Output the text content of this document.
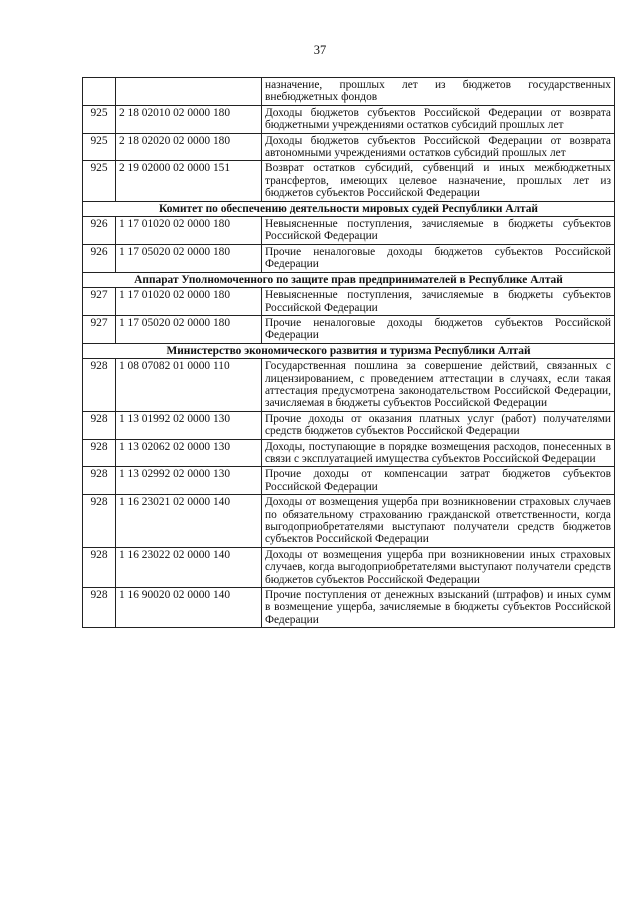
37
		назначение, прошлых лет из бюджетов государственных внебюджетных фондов
925	2 18 02010 02 0000 180	Доходы бюджетов субъектов Российской Федерации от возврата бюджетными учреждениями остатков субсидий прошлых лет
925	2 18 02020 02 0000 180	Доходы бюджетов субъектов Российской Федерации от возврата автономными учреждениями остатков субсидий прошлых лет
925	2 19 02000 02 0000 151	Возврат остатков субсидий, субвенций и иных межбюджетных трансфертов, имеющих целевое назначение, прошлых лет из бюджетов субъектов Российской Федерации
Комитет по обеспечению деятельности мировых судей Республики Алтай		
926	1 17 01020 02 0000 180	Невыясненные поступления, зачисляемые в бюджеты субъектов Российской Федерации
926	1 17 05020 02 0000 180	Прочие неналоговые доходы бюджетов субъектов Российской Федерации
Аппарат Уполномоченного по защите прав предпринимателей в Республике Алтай		
927	1 17 01020 02 0000 180	Невыясненные поступления, зачисляемые в бюджеты субъектов Российской Федерации
927	1 17 05020 02 0000 180	Прочие неналоговые доходы бюджетов субъектов Российской Федерации
Министерство экономического развития и туризма Республики Алтай		
928	1 08 07082 01 0000 110	Государственная пошлина за совершение действий, связанных с лицензированием, с проведением аттестации в случаях, если такая аттестация предусмотрена законодательством Российской Федерации, зачисляемая в бюджеты субъектов Российской Федерации
928	1 13 01992 02 0000 130	Прочие доходы от оказания платных услуг (работ) получателями средств бюджетов субъектов Российской Федерации
928	1 13 02062 02 0000 130	Доходы, поступающие в порядке возмещения расходов, понесенных в связи с эксплуатацией имущества субъектов Российской Федерации
928	1 13 02992 02 0000 130	Прочие доходы от компенсации затрат бюджетов субъектов Российской Федерации
928	1 16 23021 02 0000 140	Доходы от возмещения ущерба при возникновении страховых случаев по обязательному страхованию гражданской ответственности, когда выгодоприобретателями выступают получатели средств бюджетов субъектов Российской Федерации
928	1 16 23022 02 0000 140	Доходы от возмещения ущерба при возникновении иных страховых случаев, когда выгодоприобретателями выступают получатели средств бюджетов субъектов Российской Федерации
928	1 16 90020 02 0000 140	Прочие поступления от денежных взысканий (штрафов) и иных сумм в возмещение ущерба, зачисляемые в бюджеты субъектов Российской Федерации
